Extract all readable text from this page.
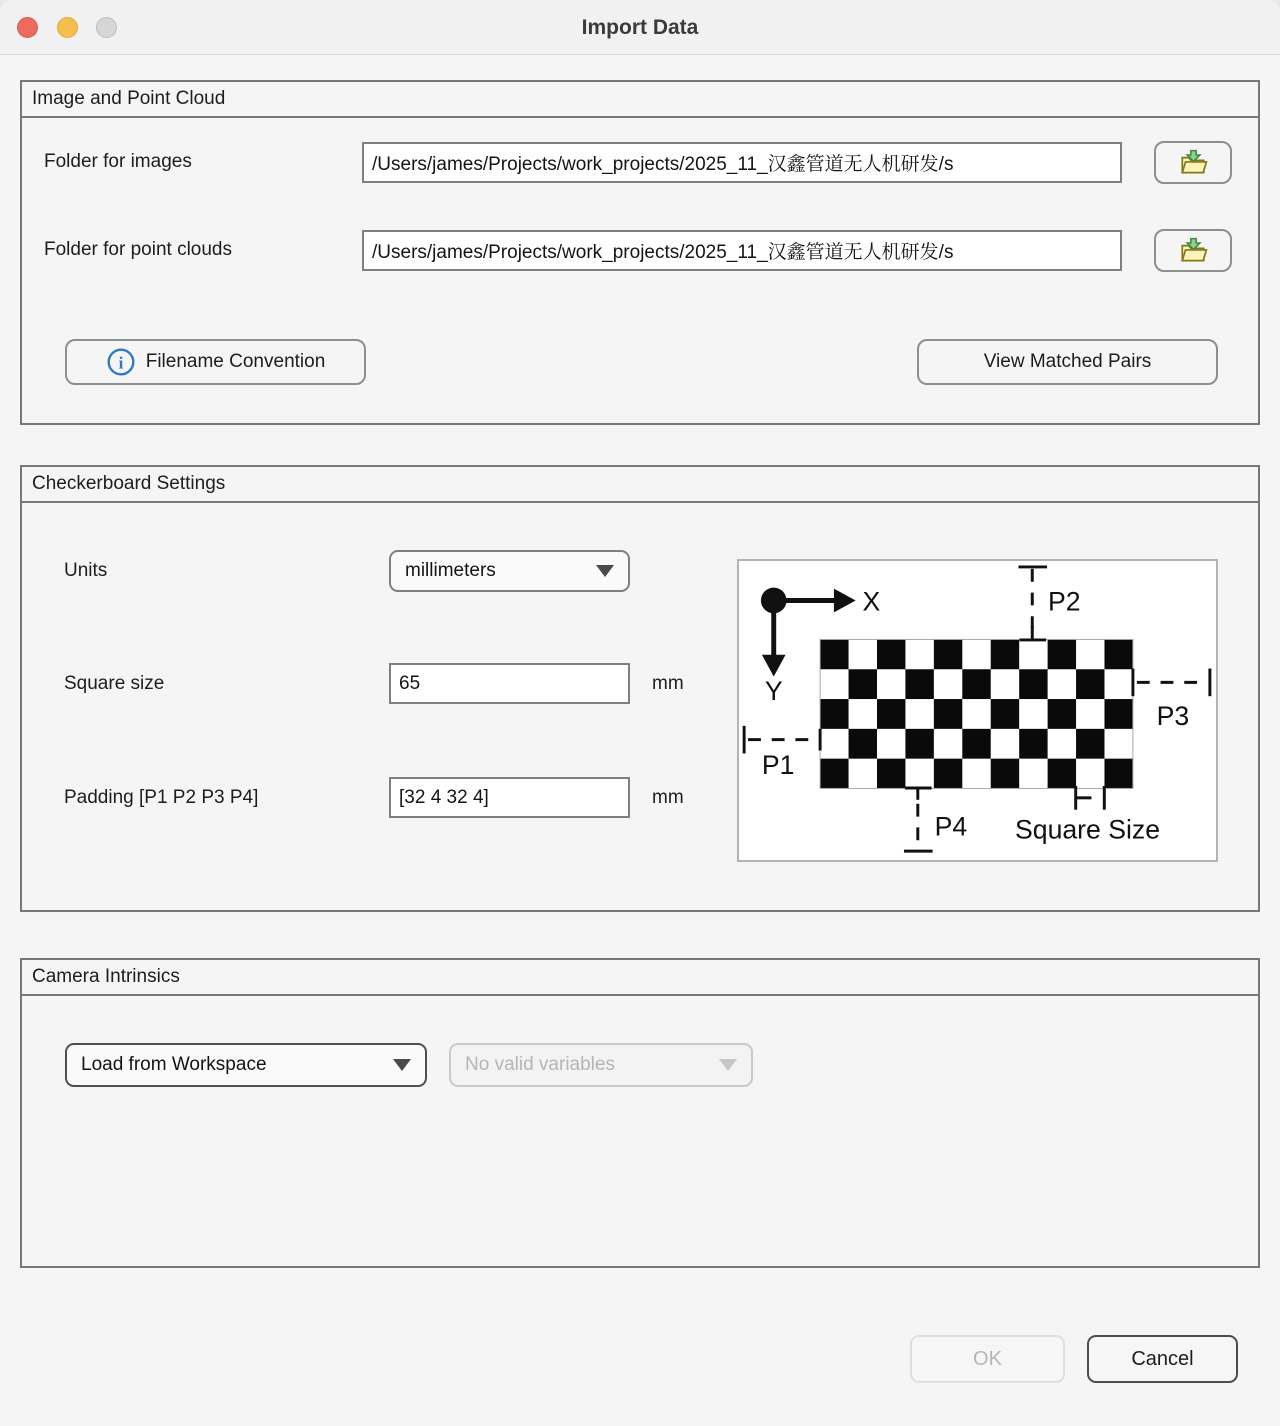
Import Data
Image and Point Cloud
Folder for images
/Users/james/Projects/work_projects/2025_11_汉鑫管道无人机研发/s
Folder for point clouds
/Users/james/Projects/work_projects/2025_11_汉鑫管道无人机研发/s
i Filename Convention	View Matched Pairs
Checkerboard Settings
Units	millimeters
Square size
65	mm
Padding [P1 P2 P3 P4]
[32 4 32 4]	mm
X
Y
P2
P3
P1
P4 Square Size
Camera Intrinsics
Load from Workspace	No valid variables
OK	Cancel
